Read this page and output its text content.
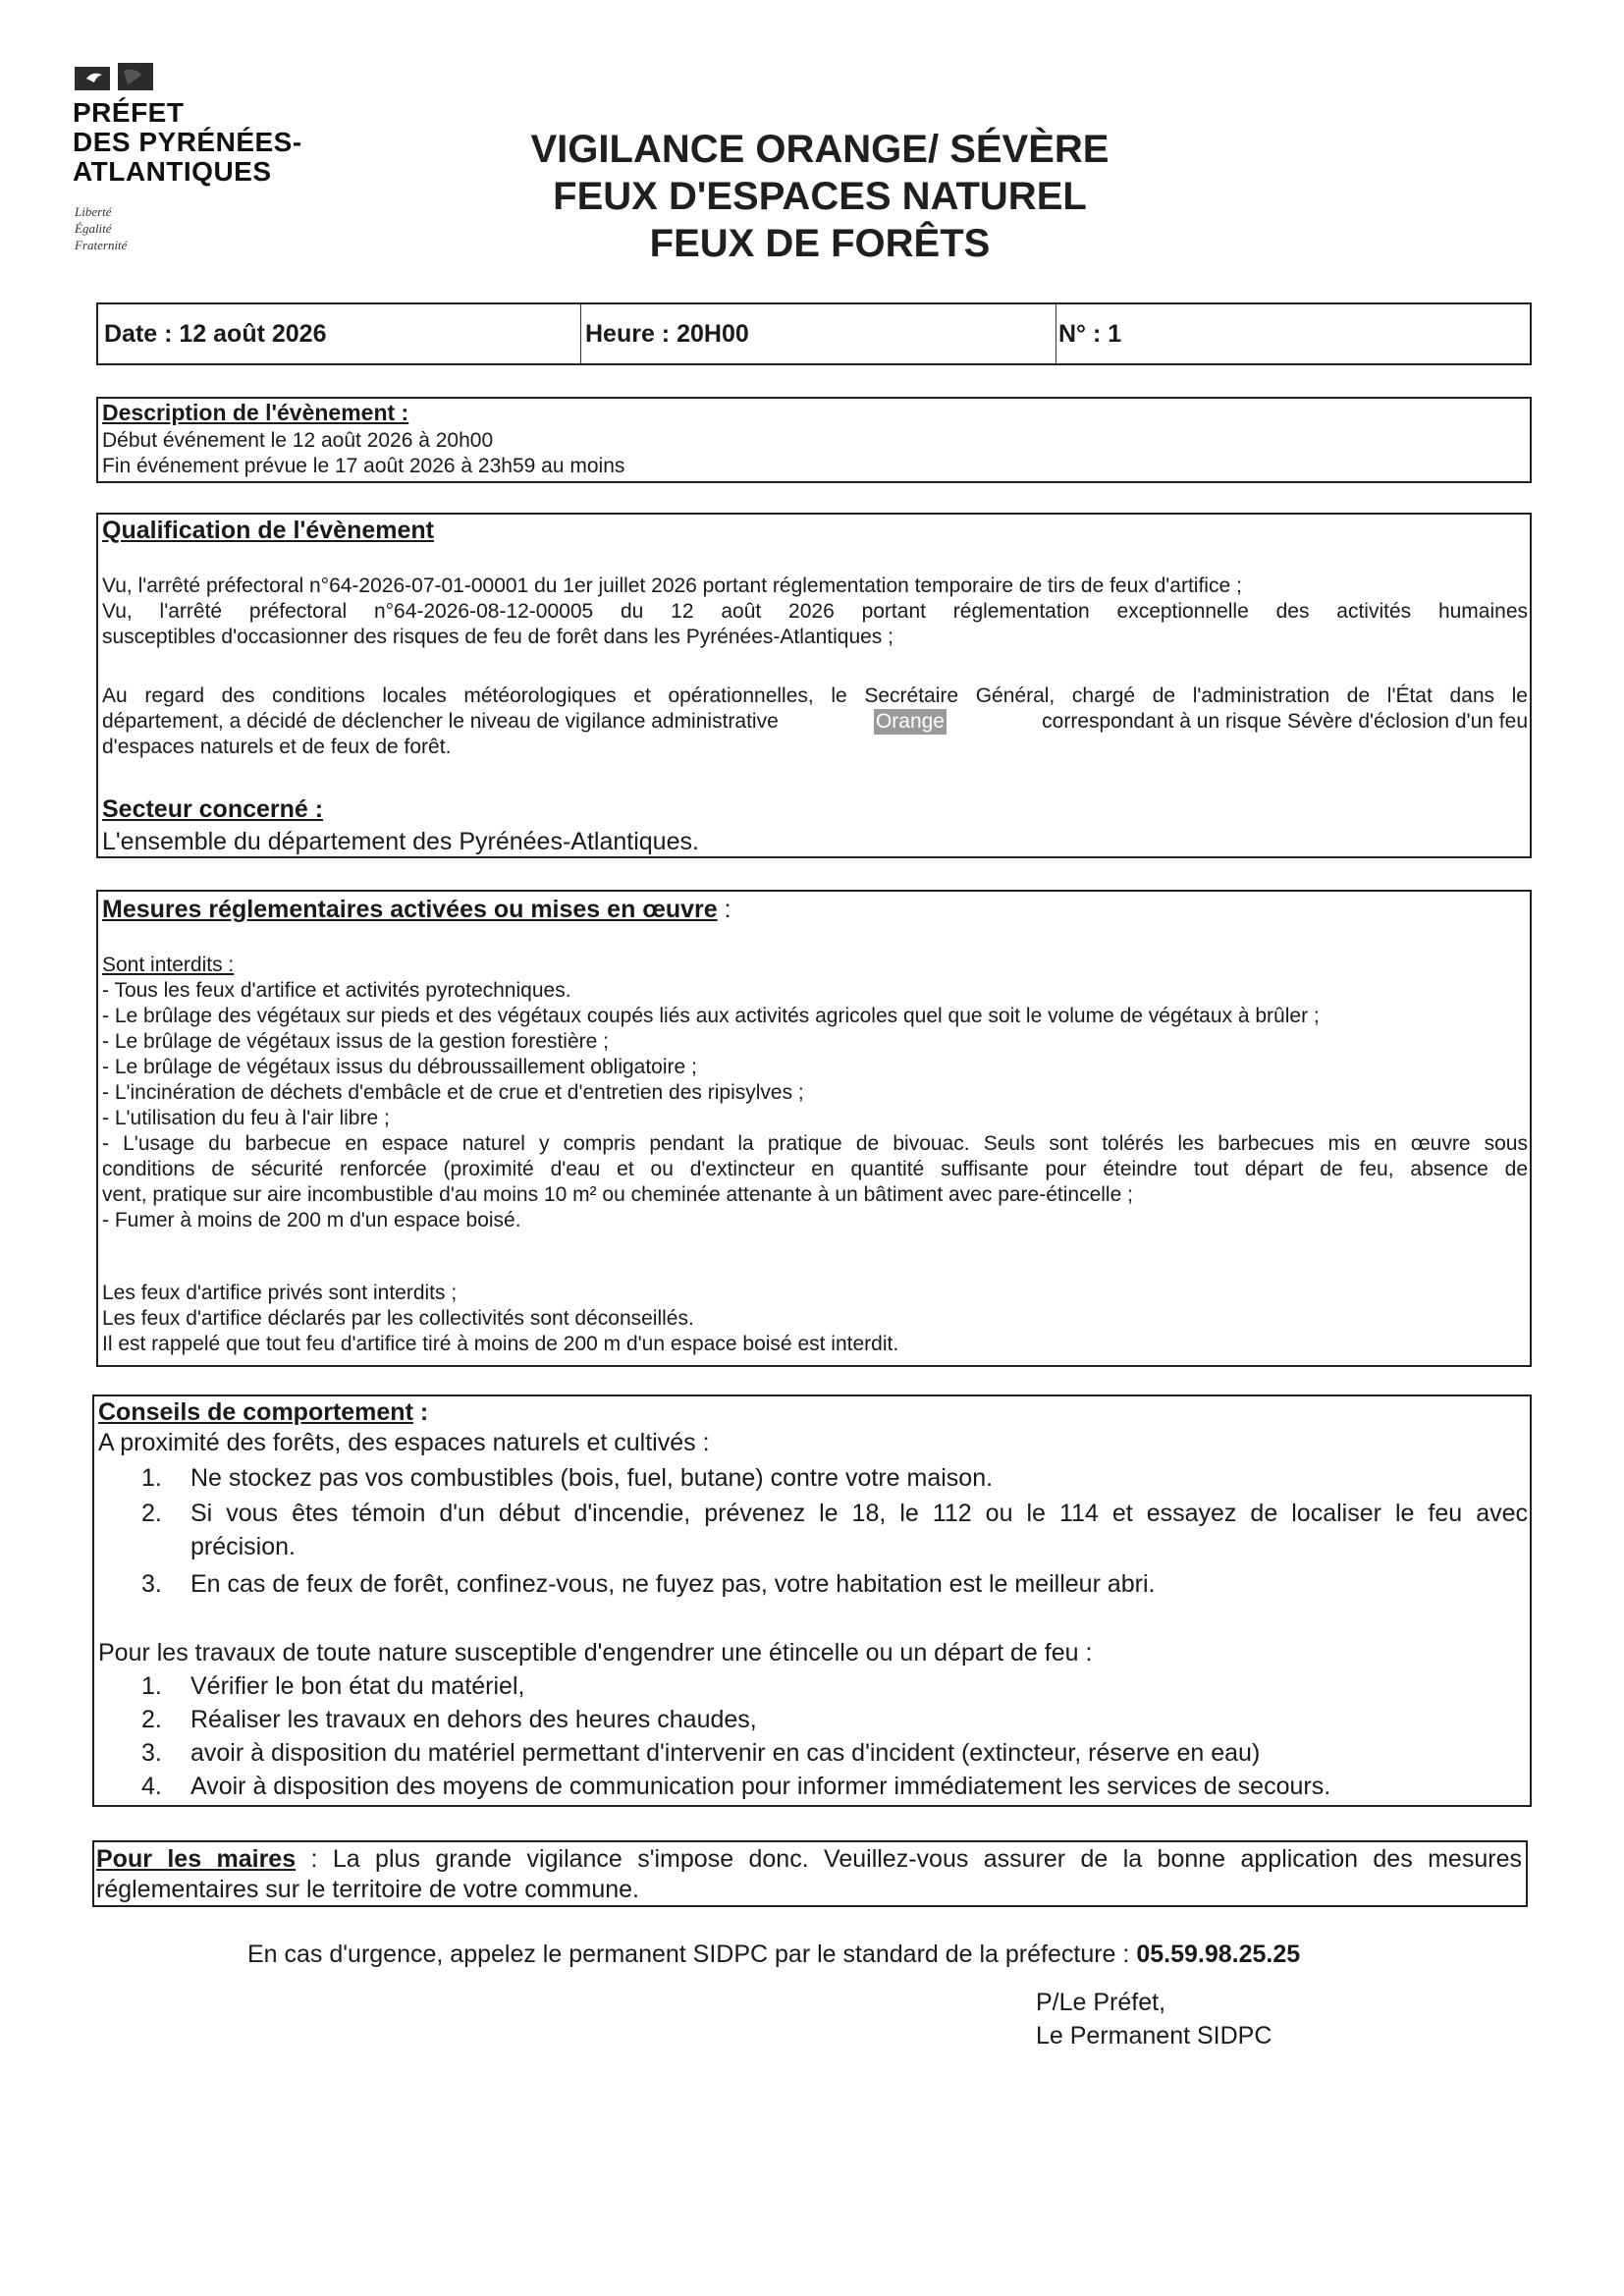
PRÉFET
DES PYRÉNÉES-
ATLANTIQUES
Liberté
Égalité
Fraternité
VIGILANCE ORANGE/ SÉVÈRE
FEUX D'ESPACES NATUREL
FEUX DE FORÊTS
Date : 12 août 2026	Heure : 20H00	N° : 1
Description de l'évènement :
Début événement le 12 août 2026 à 20h00
Fin événement prévue le 17 août 2026 à 23h59 au moins
Qualification de l'évènement
Vu, l'arrêté préfectoral n°64-2026-07-01-00001 du 1er juillet 2026 portant réglementation temporaire de tirs de feux d'artifice ;
Vu, l'arrêté préfectoral n°64-2026-08-12-00005 du 12 août 2026 portant réglementation exceptionnelle des activités humaines
susceptibles d'occasionner des risques de feu de forêt dans les Pyrénées-Atlantiques ;
Au regard des conditions locales météorologiques et opérationnelles, le Secrétaire Général, chargé de l'administration de l'État dans le
département, a décidé de déclencher le niveau de vigilance administrative	Orange	correspondant à un risque Sévère d'éclosion d'un feu
d'espaces naturels et de feux de forêt.
Secteur concerné :
L'ensemble du département des Pyrénées-Atlantiques.
Mesures réglementaires activées ou mises en œuvre :
Sont interdits :
- Tous les feux d'artifice et activités pyrotechniques.
- Le brûlage des végétaux sur pieds et des végétaux coupés liés aux activités agricoles quel que soit le volume de végétaux à brûler ;
- Le brûlage de végétaux issus de la gestion forestière ;
- Le brûlage de végétaux issus du débroussaillement obligatoire ;
- L'incinération de déchets d'embâcle et de crue et d'entretien des ripisylves ;
- L'utilisation du feu à l'air libre ;
- L'usage du barbecue en espace naturel y compris pendant la pratique de bivouac. Seuls sont tolérés les barbecues mis en œuvre sous
conditions de sécurité renforcée (proximité d'eau et ou d'extincteur en quantité suffisante pour éteindre tout départ de feu, absence de
vent, pratique sur aire incombustible d'au moins 10 m² ou cheminée attenante à un bâtiment avec pare-étincelle ;
- Fumer à moins de 200 m d'un espace boisé.
Les feux d'artifice privés sont interdits ;
Les feux d'artifice déclarés par les collectivités sont déconseillés.
Il est rappelé que tout feu d'artifice tiré à moins de 200 m d'un espace boisé est interdit.
Conseils de comportement :
A proximité des forêts, des espaces naturels et cultivés :
1. Ne stockez pas vos combustibles (bois, fuel, butane) contre votre maison.
2. Si vous êtes témoin d'un début d'incendie, prévenez le 18, le 112 ou le 114 et essayez de localiser le feu avec
précision.
3. En cas de feux de forêt, confinez-vous, ne fuyez pas, votre habitation est le meilleur abri.
Pour les travaux de toute nature susceptible d'engendrer une étincelle ou un départ de feu :
1. Vérifier le bon état du matériel,
2. Réaliser les travaux en dehors des heures chaudes,
3. avoir à disposition du matériel permettant d'intervenir en cas d'incident (extincteur, réserve en eau)
4. Avoir à disposition des moyens de communication pour informer immédiatement les services de secours.
Pour les maires : La plus grande vigilance s'impose donc. Veuillez-vous assurer de la bonne application des mesures
réglementaires sur le territoire de votre commune.
En cas d'urgence, appelez le permanent SIDPC par le standard de la préfecture : 05.59.98.25.25
P/Le Préfet,
Le Permanent SIDPC
